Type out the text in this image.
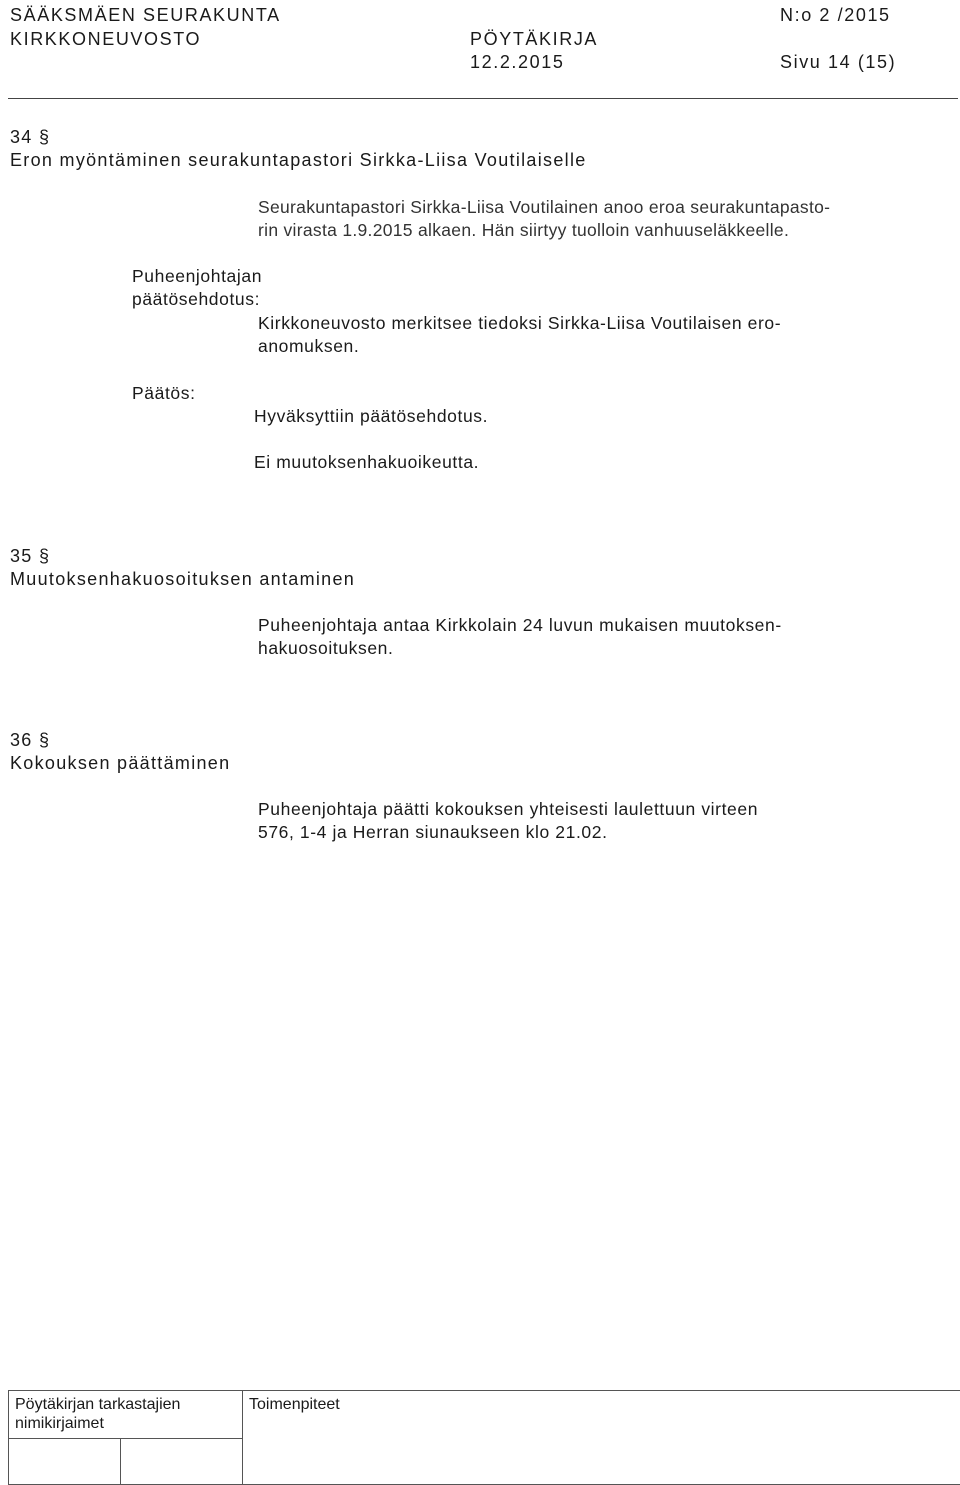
SÄÄKSMÄEN SEURAKUNTA
KIRKKONEUVOSTO	PÖYTÄKIRJA
N:o 2 /2015
12.2.2015	Sivu 14 (15)
34 §
Eron myöntäminen seurakuntapastori Sirkka-Liisa Voutilaiselle
Seurakuntapastori Sirkka-Liisa Voutilainen anoo eroa seurakuntapasto-
rin virasta 1.9.2015 alkaen. Hän siirtyy tuolloin vanhuuseläkkeelle.
Puheenjohtajan
päätösehdotus:
Kirkkoneuvosto merkitsee tiedoksi Sirkka-Liisa Voutilaisen ero-
anomuksen.
Päätös:
Hyväksyttiin päätösehdotus.
Ei muutoksenhakuoikeutta.
35 §
Muutoksenhakuosoituksen antaminen
Puheenjohtaja antaa Kirkkolain 24 luvun mukaisen muutoksen-
hakuosoituksen.
36 §
Kokouksen päättäminen
Puheenjohtaja päätti kokouksen yhteisesti laulettuun virteen
576, 1-4 ja Herran siunaukseen klo 21.02.
Pöytäkirjan tarkastajien
nimikirjaimet		Toimenpiteet
